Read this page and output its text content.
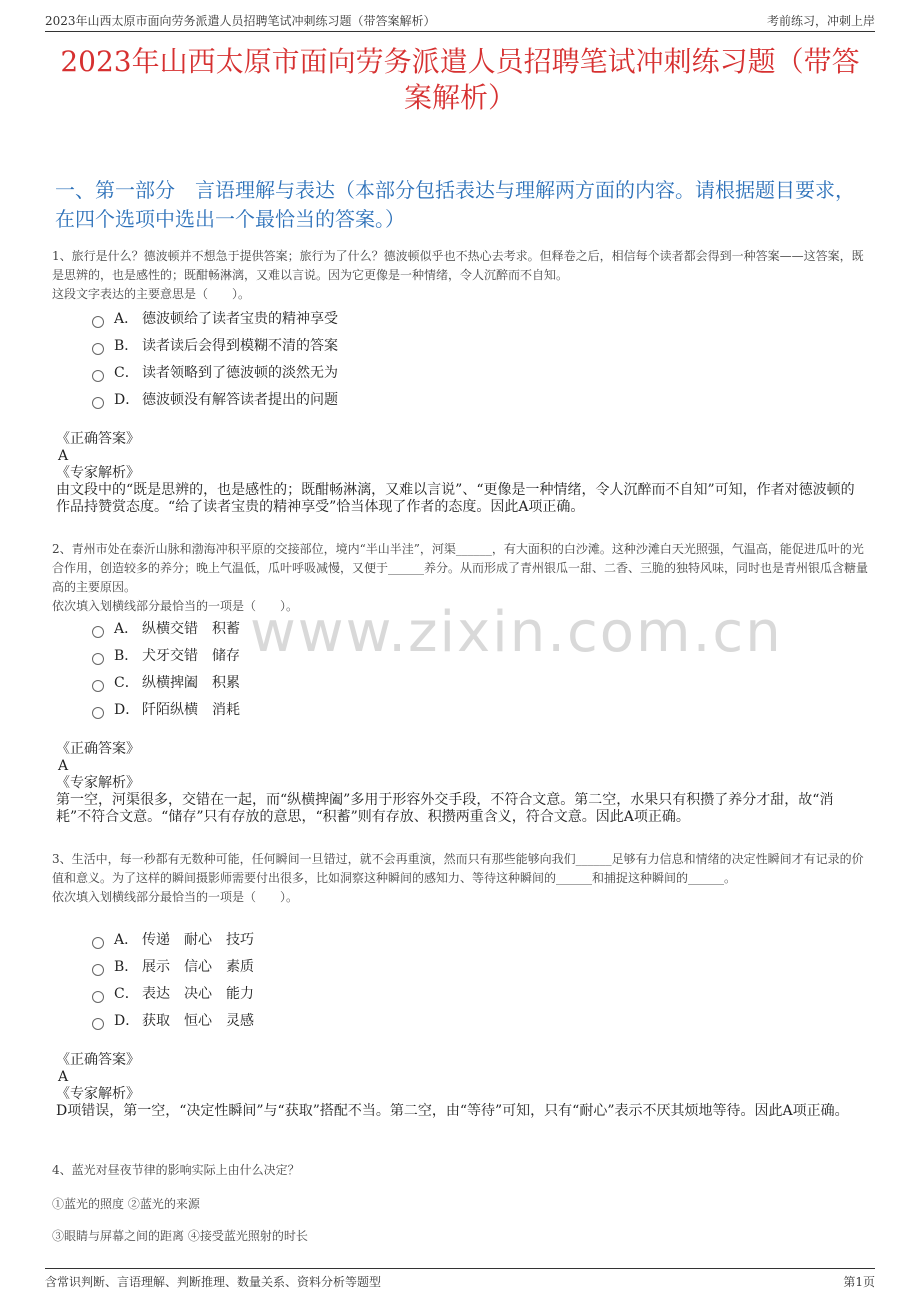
2023年山西太原市面向劳务派遣人员招聘笔试冲刺练习题（带答案解析）	考前练习，冲刺上岸
2023年山西太原市面向劳务派遣人员招聘笔试冲刺练习题（带答案解析）
一、第一部分　言语理解与表达（本部分包括表达与理解两方面的内容。请根据题目要求，在四个选项中选出一个最恰当的答案。）
www.zixin.com.cn

1、旅行是什么？德波顿并不想急于提供答案；旅行为了什么？德波顿似乎也不热心去考求。但释卷之后，相信每个读者都会得到一种答案——这答案，既是思辨的，也是感性的；既酣畅淋漓，又难以言说。因为它更像是一种情绪，令人沉醉而不自知。

这段文字表达的主要意思是（　　）。

A． 德波顿给了读者宝贵的精神享受
B． 读者读后会得到模糊不清的答案
C． 读者领略到了德波顿的淡然无为
D． 德波顿没有解答读者提出的问题
《正确答案》
A
《专家解析》
由文段中的“既是思辨的，也是感性的；既酣畅淋漓，又难以言说”、“更像是一种情绪，令人沉醉而不自知”可知，作者对德波顿的作品持赞赏态度。“给了读者宝贵的精神享受”恰当体现了作者的态度。因此A项正确。

2、青州市处在泰沂山脉和渤海冲积平原的交接部位，境内“半山半洼”，河渠______，有大面积的白沙滩。这种沙滩白天光照强，气温高，能促进瓜叶的光合作用，创造较多的养分；晚上气温低，瓜叶呼吸减慢，又便于______养分。从而形成了青州银瓜一甜、二香、三脆的独特风味，同时也是青州银瓜含糖量高的主要原因。

依次填入划横线部分最恰当的一项是（　　）。

A． 纵横交错　积蓄
B． 犬牙交错　储存
C． 纵横捭阖　积累
D． 阡陌纵横　消耗
《正确答案》
A
《专家解析》
第一空，河渠很多，交错在一起，而“纵横捭阖”多用于形容外交手段，不符合文意。第二空，水果只有积攒了养分才甜，故“消耗”不符合文意。“储存”只有存放的意思，“积蓄”则有存放、积攒两重含义，符合文意。因此A项正确。

3、生活中，每一秒都有无数种可能，任何瞬间一旦错过，就不会再重演，然而只有那些能够向我们______足够有力信息和情绪的决定性瞬间才有记录的价值和意义。为了这样的瞬间摄影师需要付出很多，比如洞察这种瞬间的感知力、等待这种瞬间的______和捕捉这种瞬间的______。

依次填入划横线部分最恰当的一项是（　　）。

A． 传递　耐心　技巧
B． 展示　信心　素质
C． 表达　决心　能力
D． 获取　恒心　灵感
《正确答案》
A
《专家解析》
D项错误，第一空，“决定性瞬间”与“获取”搭配不当。第二空，由“等待”可知，只有“耐心”表示不厌其烦地等待。因此A项正确。
4、蓝光对昼夜节律的影响实际上由什么决定？
①蓝光的照度 ②蓝光的来源
③眼睛与屏幕之间的距离 ④接受蓝光照射的时长
含常识判断、言语理解、判断推理、数量关系、资料分析等题型	第1页
